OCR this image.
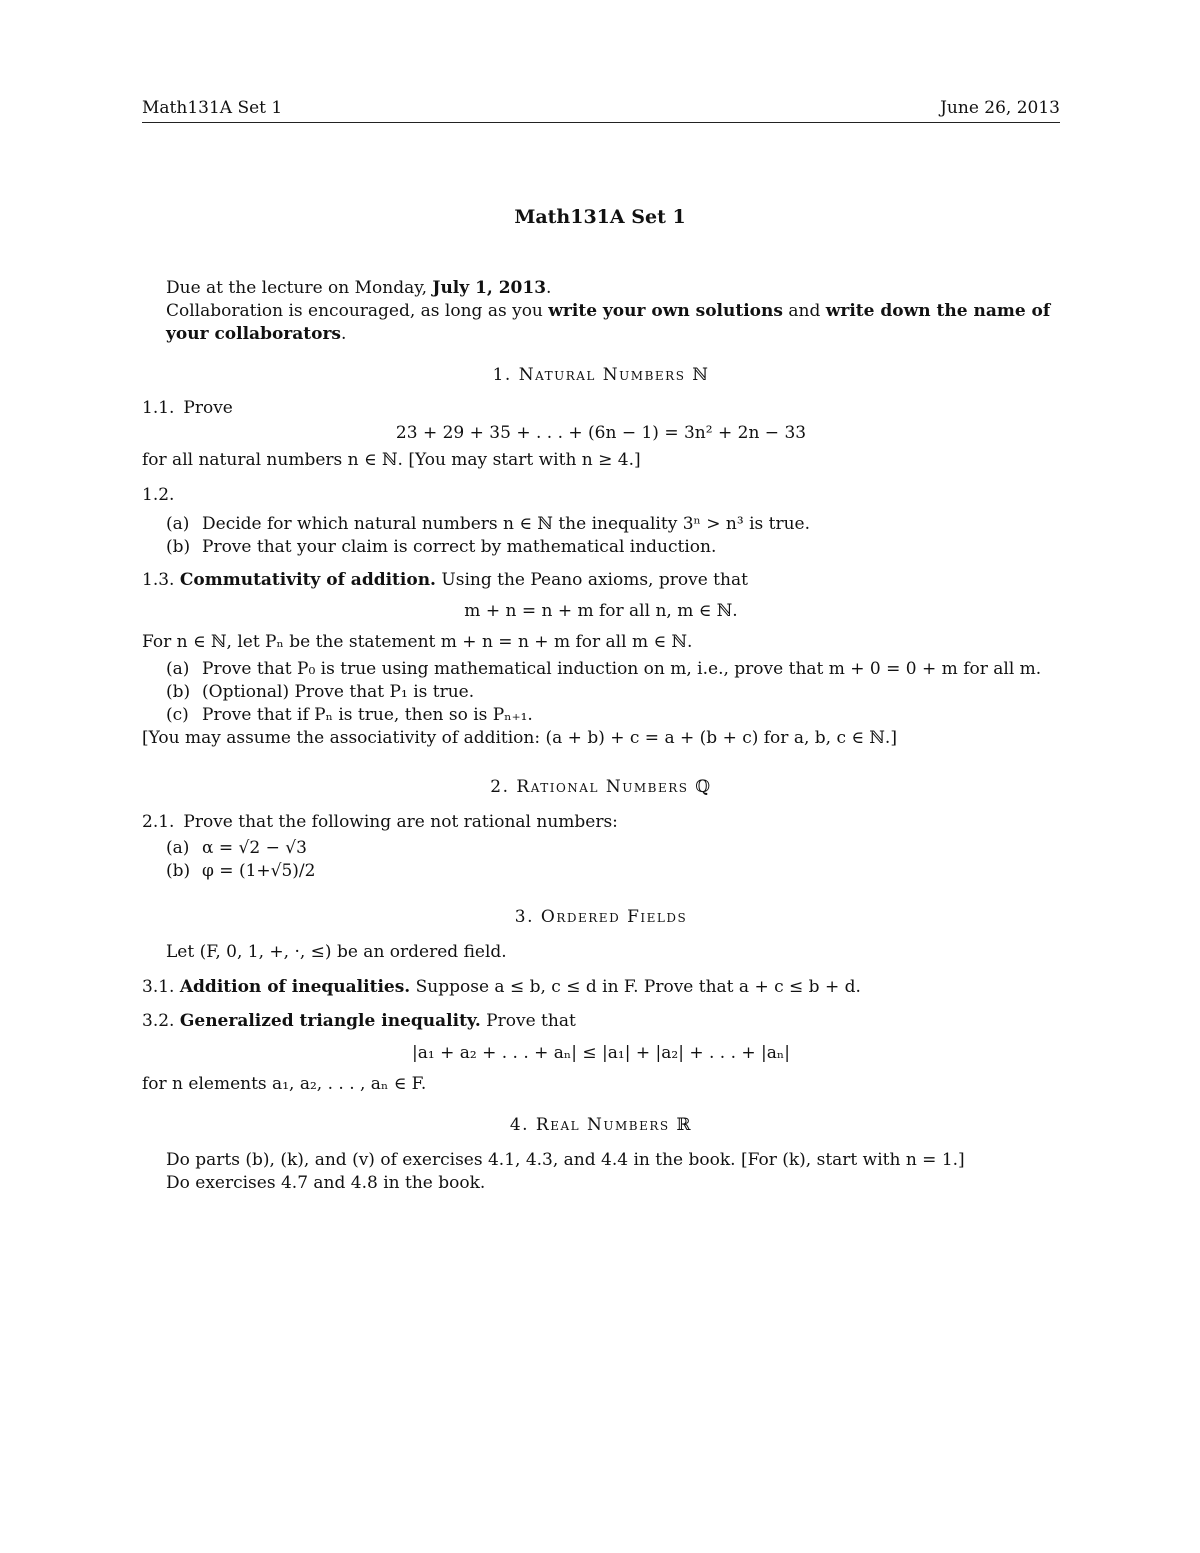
Math131A Set 1	June 26, 2013
Math131A Set 1
Due at the lecture on Monday, July 1, 2013.
Collaboration is encouraged, as long as you write your own solutions and write down the name of your collaborators.
1. Natural Numbers ℕ
1.1. Prove
23 + 29 + 35 + . . . + (6n − 1) = 3n² + 2n − 33
for all natural numbers n ∈ ℕ. [You may start with n ≥ 4.]
1.2.
(a) Decide for which natural numbers n ∈ ℕ the inequality 3ⁿ > n³ is true.
(b) Prove that your claim is correct by mathematical induction.
1.3. Commutativity of addition. Using the Peano axioms, prove that
m + n = n + m for all n, m ∈ ℕ.
For n ∈ ℕ, let Pₙ be the statement m + n = n + m for all m ∈ ℕ.
(a) Prove that P₀ is true using mathematical induction on m, i.e., prove that m + 0 = 0 + m for all m.
(b) (Optional) Prove that P₁ is true.
(c) Prove that if Pₙ is true, then so is Pₙ₊₁.
[You may assume the associativity of addition: (a + b) + c = a + (b + c) for a, b, c ∈ ℕ.]
2. Rational Numbers ℚ
2.1. Prove that the following are not rational numbers:
(a) α = √2 − √3
(b) φ = (1+√5)/2
3. Ordered Fields
Let (F, 0, 1, +, ·, ≤) be an ordered field.
3.1. Addition of inequalities. Suppose a ≤ b, c ≤ d in F. Prove that a + c ≤ b + d.
3.2. Generalized triangle inequality. Prove that
|a₁ + a₂ + . . . + aₙ| ≤ |a₁| + |a₂| + . . . + |aₙ|
for n elements a₁, a₂, . . . , aₙ ∈ F.
4. Real Numbers ℝ
Do parts (b), (k), and (v) of exercises 4.1, 4.3, and 4.4 in the book. [For (k), start with n = 1.]
Do exercises 4.7 and 4.8 in the book.
